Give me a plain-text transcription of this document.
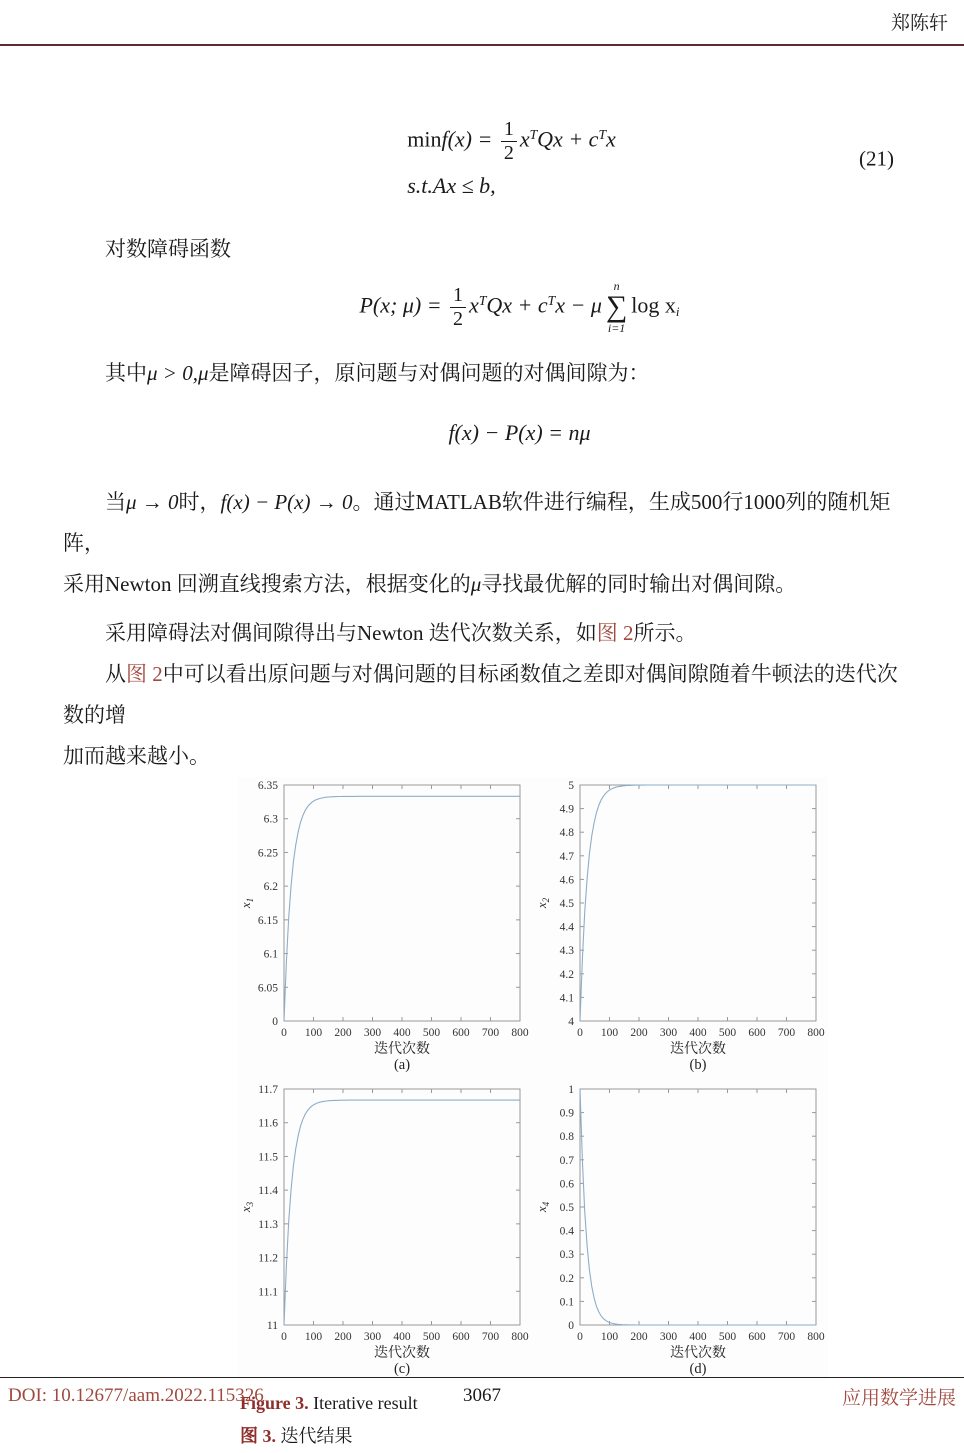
郑陈轩
$\min f(x) = \frac{1}{2} x^TQx + c^Tx$
s.t.Ax ≤ b,
(21)

对数障碍函数

P(x; $\mu) = \frac{1}{2} x^TQx + c^Tx - \mu$
n
∑
i=1
log xi

其中μ > 0,μ是障碍因子，原问题与对偶问题的对偶间隙为：

f(x) − P(x) = nμ

当μ → 0时，f(x) − P(x) → 0。通过MATLAB软件进行编程，生成500行1000列的随机矩阵，
采用Newton 回溯直线搜索方法，根据变化的μ寻找最优解的同时输出对偶间隙。

采用障碍法对偶间隙得出与Newton 迭代次数关系，如图 2所示。

从图 2中可以看出原问题与对偶问题的目标函数值之差即对偶间隙随着牛顿法的迭代次数的增
加而越来越小。

0 100 200 300 400 500 600 700 800
0
6.05
6.1
6.15
6.2
6.25
6.3
6.35
迭代次数
$x_1$
(a)
0 100 200 300 400 500 600 700 800
4
4.1
4.2
4.3
4.4
4.5
4.6
4.7
4.8
4.9
5
迭代次数
$x_2$
(b)
0 100 200 300 400 500 600 700 800
11
11.1
11.2
11.3
11.4
11.5
11.6
11.7
迭代次数
$x_3$
(c)
0 100 200 300 400 500 600 700 800
0
0.1
0.2
0.3
0.4
0.5
0.6
0.7
0.8
0.9
1
迭代次数
$x_4$
(d)
Figure 3. Iterative result
图 3. 迭代结果
DOI: 10.12677/aam.2022.115326	3067	应用数学进展
